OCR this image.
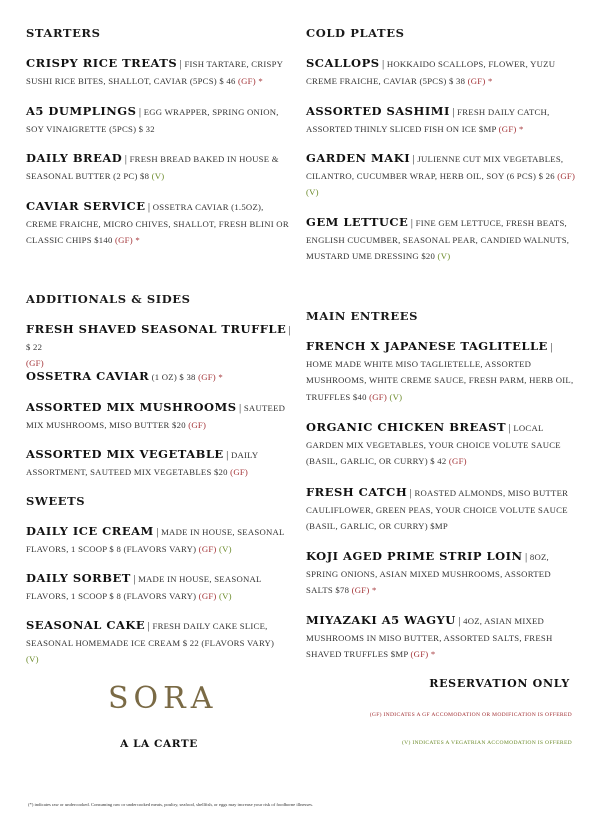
STARTERS
CRISPY RICE TREATS | FISH TARTARE, CRISPY SUSHI RICE BITES, SHALLOT, CAVIAR (5PCS) $ 46 (GF) *
A5 DUMPLINGS | EGG WRAPPER, SPRING ONION, SOY VINAIGRETTE (5PCS) $ 32
DAILY BREAD | FRESH BREAD BAKED IN HOUSE & SEASONAL BUTTER (2 PC) $8 (V)
CAVIAR SERVICE | OSSETRA CAVIAR (1.5OZ), CREME FRAICHE, MICRO CHIVES, SHALLOT, FRESH BLINI OR CLASSIC CHIPS $140 (GF) *
ADDITIONALS & SIDES
FRESH SHAVED SEASONAL TRUFFLE | $ 22
(GF)
OSSETRA CAVIAR (1 OZ) $ 38 (GF) *
ASSORTED MIX MUSHROOMS | SAUTEED MIX MUSHROOMS, MISO BUTTER $20 (GF)
ASSORTED MIX VEGETABLE | DAILY ASSORTMENT, SAUTEED MIX VEGETABLES $20 (GF)
SWEETS
DAILY ICE CREAM | MADE IN HOUSE, SEASONAL FLAVORS, 1 SCOOP $ 8 (FLAVORS VARY) (GF) (V)
DAILY SORBET | MADE IN HOUSE, SEASONAL FLAVORS, 1 SCOOP $ 8 (FLAVORS VARY) (GF) (V)
SEASONAL CAKE | FRESH DAILY CAKE SLICE, SEASONAL HOMEMADE ICE CREAM $ 22 (FLAVORS VARY)
(V)
COLD PLATES
SCALLOPS | HOKKAIDO SCALLOPS, FLOWER, YUZU CREME FRAICHE, CAVIAR (5PCS) $ 38 (GF) *
ASSORTED SASHIMI | FRESH DAILY CATCH, ASSORTED THINLY SLICED FISH ON ICE $MP (GF) *
GARDEN MAKI | JULIENNE CUT MIX VEGETABLES, CILANTRO, CUCUMBER WRAP, HERB OIL, SOY (6 PCS) $ 26 (GF) (V)
GEM LETTUCE | FINE GEM LETTUCE, FRESH BEATS, ENGLISH CUCUMBER, SEASONAL PEAR, CANDIED WALNUTS, MUSTARD UME DRESSING $20 (V)
MAIN ENTREES
FRENCH X JAPANESE TAGLITELLE | HOME MADE WHITE MISO TAGLIETELLE, ASSORTED MUSHROOMS, WHITE CREME SAUCE, FRESH PARM, HERB OIL, TRUFFLES $40 (GF) (V)
ORGANIC CHICKEN BREAST | LOCAL GARDEN MIX VEGETABLES, YOUR CHOICE VOLUTE SAUCE (BASIL, GARLIC, OR CURRY) $ 42 (GF)
FRESH CATCH | ROASTED ALMONDS, MISO BUTTER CAULIFLOWER, GREEN PEAS, YOUR CHOICE VOLUTE SAUCE (BASIL, GARLIC, OR CURRY) $MP
KOJI AGED PRIME STRIP LOIN | 8OZ, SPRING ONIONS, ASIAN MIXED MUSHROOMS, ASSORTED SALTS $78 (GF) *
MIYAZAKI A5 WAGYU | 4OZ, ASIAN MIXED MUSHROOMS IN MISO BUTTER, ASSORTED SALTS, FRESH SHAVED TRUFFLES $MP (GF) *
SORA
A LA CARTE
RESERVATION ONLY
(GF) INDICATES A GF ACCOMODATION OR MODIFICATION IS OFFERED
(V) INDICATES A VEGATRIAN ACCOMODATION IS OFFERED
(*) indicates raw or undercooked. Consuming raw or undercooked meats, poultry, seafood, shellfish, or eggs may increase your risk of foodborne illnesses.
